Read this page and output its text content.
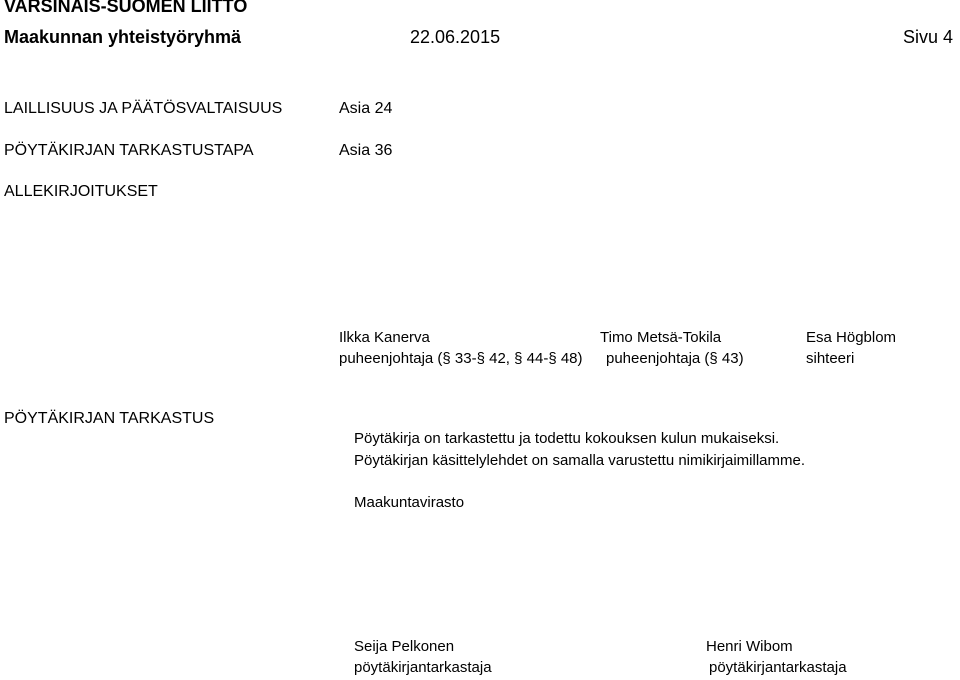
VARSINAIS-SUOMEN LIITTO
Maakunnan yhteistyöryhmä	22.06.2015	Sivu 4
LAILLISUUS JA PÄÄTÖSVALTAISUUS	Asia 24
PÖYTÄKIRJAN TARKASTUSTAPA	Asia 36
ALLEKIRJOITUKSET
Ilkka Kanerva
puheenjohtaja (§ 33-§ 42, § 44-§ 48)
Timo Metsä-Tokila
puheenjohtaja (§ 43)
Esa Högblom
sihteeri
PÖYTÄKIRJAN TARKASTUS
Pöytäkirja on tarkastettu ja todettu kokouksen kulun mukaiseksi.
Pöytäkirjan käsittelylehdet on samalla varustettu nimikirjaimillamme.
Maakuntavirasto
Seija Pelkonen
pöytäkirjantarkastaja
Henri Wibom
pöytäkirjantarkastaja
